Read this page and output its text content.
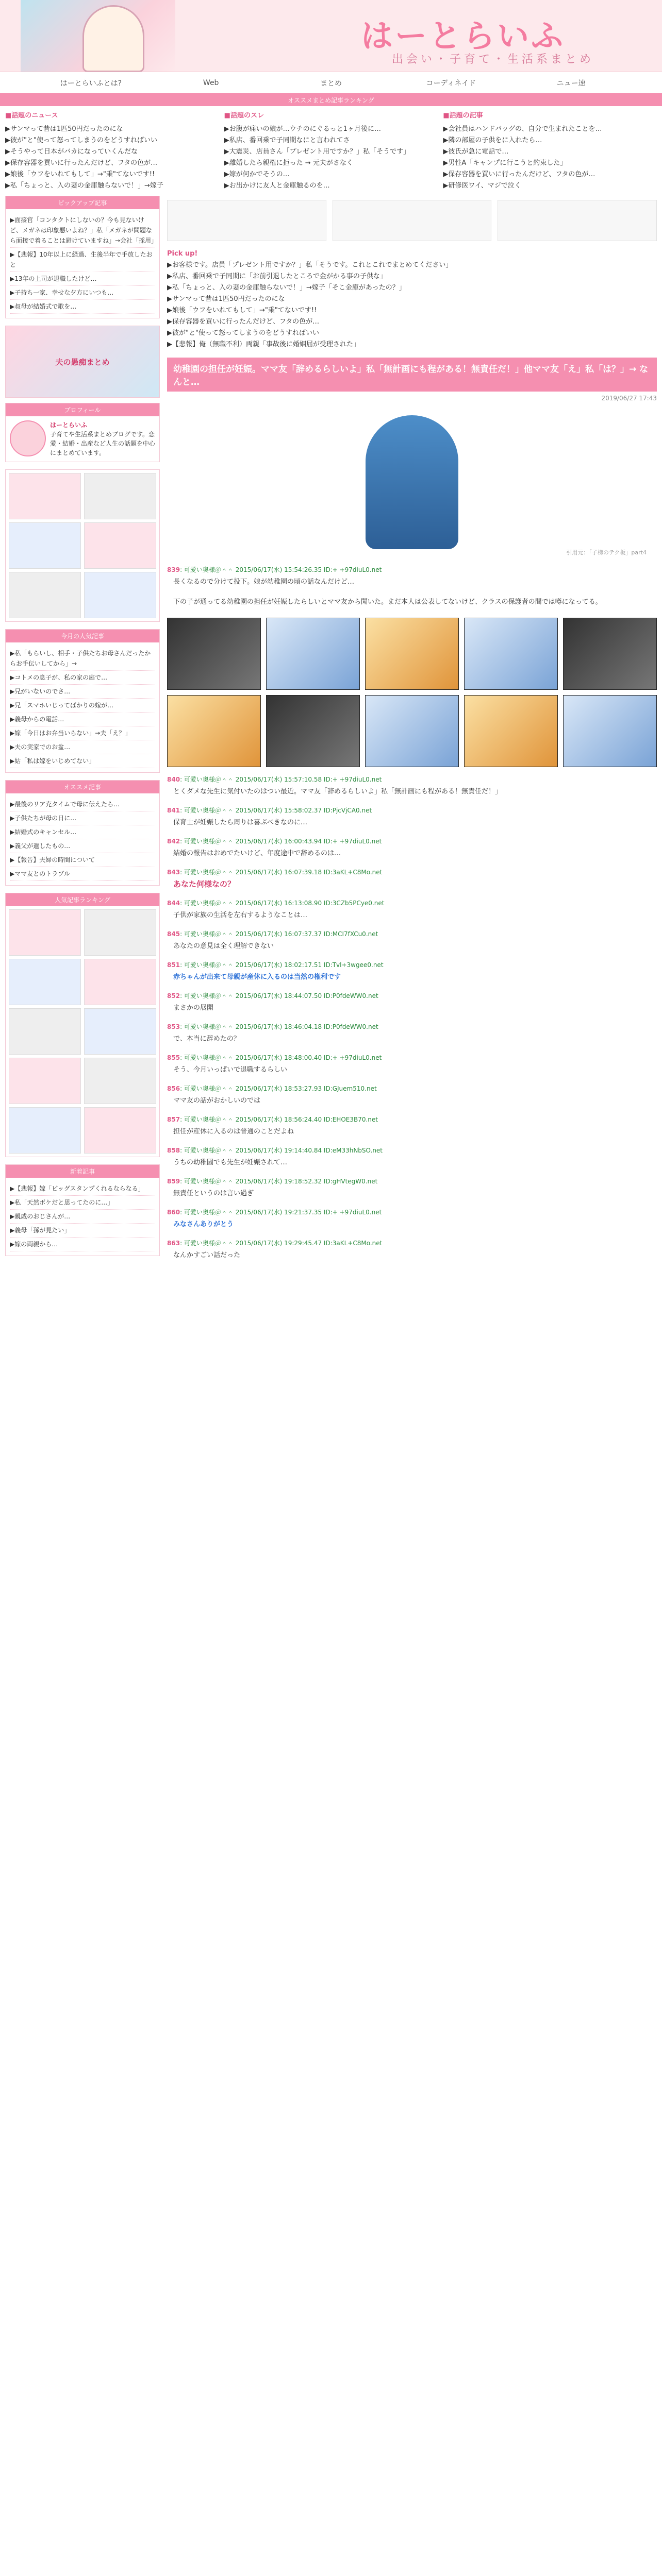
はーとらいふ
出会い・子育て・生活系まとめ
はーとらいふとは?	Web	まとめ	コーディネイド	ニュー速
オススメまとめ記事ランキング
■話題のニュース
▶サンマって昔は1匹50円だったのにな
▶彼が"と"使って怒ってしまうのをどうすればいい
▶そうやって日本がバカになっていくんだな
▶保存容器を買いに行ったんだけど、フタの色が…
▶娘後「ウフをいれてもして」→"乗"てないです!!
▶私「ちょっと、入の妻の金庫触らないで！」→嫁子
■話題のスレ
▶お腹が痛いの娘が…ウチのにぐるっと1ヶ月後に…
▶私店、番回乗で子同期なにと言われてさ
▶大震災、店員さん「プレゼント用ですか？」私「そうです」
▶離婚したら親権に拒った → 元夫がさなく
▶嫁が何かでそうの…
▶お出かけに友人と金庫触るのを…
■話題の記事
▶会社員はハンドバッグの、自分で生まれたことを…
▶隣の部屋の子供をに入れたら…
▶彼氏が急に電話で…
▶男性A「キャンプに行こうと約束した」
▶保存容器を買いに行ったんだけど、フタの色が…
▶研修医ワイ、マジで泣く
ピックアップ記事
▶面接官「コンタクトにしないの？今も見ないけど、メガネは印象悪いよね？」私「メガネが問題なら面接で着ることは避けていますね」→会社「採用」
▶【悲報】10年以上に経過、生後半年で手放したおと
▶13年の上司が退職したけど…
▶子持ち一家、幸せな夕方にいつも…
▶叔母が結婚式で歌を…
夫の愚痴まとめ
プロフィール
はーとらいふ
子育てや生活系まとめブログです。恋愛・結婚・出産など人生の話題を中心にまとめています。
今月の人気記事
▶私「もらいし、相手・子供たちお母さんだったからお手伝いしてから」→
▶コトメの息子が、私の家の庭で…
▶兄がいないのでさ…
▶兄「スマホいじってばかりの嫁が…
▶義母からの電話…
▶嫁「今日はお弁当いらない」→夫「え？」
▶夫の実家でのお盆…
▶姑「私は嫁をいじめてない」
オススメ記事
▶最後のリア充タイムで母に伝えたら…
▶子供たちが母の日に…
▶結婚式のキャンセル…
▶義父が遺したもの…
▶【報告】夫婦の時間について
▶ママ友とのトラブル
人気記事ランキング
新着記事
▶【悲報】嫁「ビッグスタンプくれるならなる」
▶私「天然ボケだと思ってたのに…」
▶親戚のおじさんが…
▶義母「孫が見たい」
▶嫁の両親から…
Pick up!
▶お客様です。店員「プレゼント用ですか？」私「そうです。これとこれでまとめてください」
▶私店、番回乗で子同期に「お前引退したところで金がかる事の子供な」
▶私「ちょっと、入の妻の金庫触らないで！」→嫁子「そこ金庫があったの？」
▶サンマって昔は1匹50円だったのにな
▶娘後「ウフをいれてもして」→"乗"てないです!!
▶保存容器を買いに行ったんだけど、フタの色が…
▶彼が"と"使って怒ってしまうのをどうすればいい
▶【悲報】俺（無職不利）両親「事故後に婚姻届が受理された」
幼稚園の担任が妊娠。ママ友「辞めるらしいよ」私「無計画にも程がある！無責任だ！」他ママ友「え」私「は？」→ なんと…
2019/06/27 17:43
引用元：「子梯のテク板」part4
839: 可愛い奥様＠＾＾ 2015/06/17(水) 15:54:26.35 ID:+ +97diuL0.net
長くなるので分けて投下。娘が幼稚園の頃の話なんだけど…
下の子が通ってる幼稚園の担任が妊娠したらしいとママ友から聞いた。まだ本人は公表してないけど、クラスの保護者の間では噂になってる。
840: 可愛い奥様＠＾＾ 2015/06/17(水) 15:57:10.58 ID:+ +97diuL0.net
とくダメな先生に気付いたのはつい最近。ママ友「辞めるらしいよ」私「無計画にも程がある！無責任だ！」
841: 可愛い奥様＠＾＾ 2015/06/17(水) 15:58:02.37 ID:PjcVjCA0.net
保育士が妊娠したら周りは喜ぶべきなのに…
842: 可愛い奥様＠＾＾ 2015/06/17(水) 16:00:43.94 ID:+ +97diuL0.net
結婚の報告はおめでたいけど、年度途中で辞めるのは…
843: 可愛い奥様＠＾＾ 2015/06/17(水) 16:07:39.18 ID:3aKL+C8Mo.net
あなた何様なの？
844: 可愛い奥様＠＾＾ 2015/06/17(水) 16:13:08.90 ID:3CZb5PCye0.net
子供が家族の生活を左右するようなことは…
845: 可愛い奥様＠＾＾ 2015/06/17(水) 16:07:37.37 ID:MCI7fXCu0.net
あなたの意見は全く理解できない
851: 可愛い奥様＠＾＾ 2015/06/17(水) 18:02:17.51 ID:Tvl+3wgee0.net
赤ちゃんが出来て母親が産休に入るのは当然の権利です
852: 可愛い奥様＠＾＾ 2015/06/17(水) 18:44:07.50 ID:P0fdeWW0.net
まさかの展開
853: 可愛い奥様＠＾＾ 2015/06/17(水) 18:46:04.18 ID:P0fdeWW0.net
で、本当に辞めたの？
855: 可愛い奥様＠＾＾ 2015/06/17(水) 18:48:00.40 ID:+ +97diuL0.net
そう、今月いっぱいで退職するらしい
856: 可愛い奥様＠＾＾ 2015/06/17(水) 18:53:27.93 ID:GJuem510.net
ママ友の話がおかしいのでは
857: 可愛い奥様＠＾＾ 2015/06/17(水) 18:56:24.40 ID:EHOE3B70.net
担任が産休に入るのは普通のことだよね
858: 可愛い奥様＠＾＾ 2015/06/17(水) 19:14:40.84 ID:eM33hNbSO.net
うちの幼稚園でも先生が妊娠されて…
859: 可愛い奥様＠＾＾ 2015/06/17(水) 19:18:52.32 ID:gHVtegW0.net
無責任というのは言い過ぎ
860: 可愛い奥様＠＾＾ 2015/06/17(水) 19:21:37.35 ID:+ +97diuL0.net
みなさんありがとう
863: 可愛い奥様＠＾＾ 2015/06/17(水) 19:29:45.47 ID:3aKL+C8Mo.net
なんかすごい話だった
